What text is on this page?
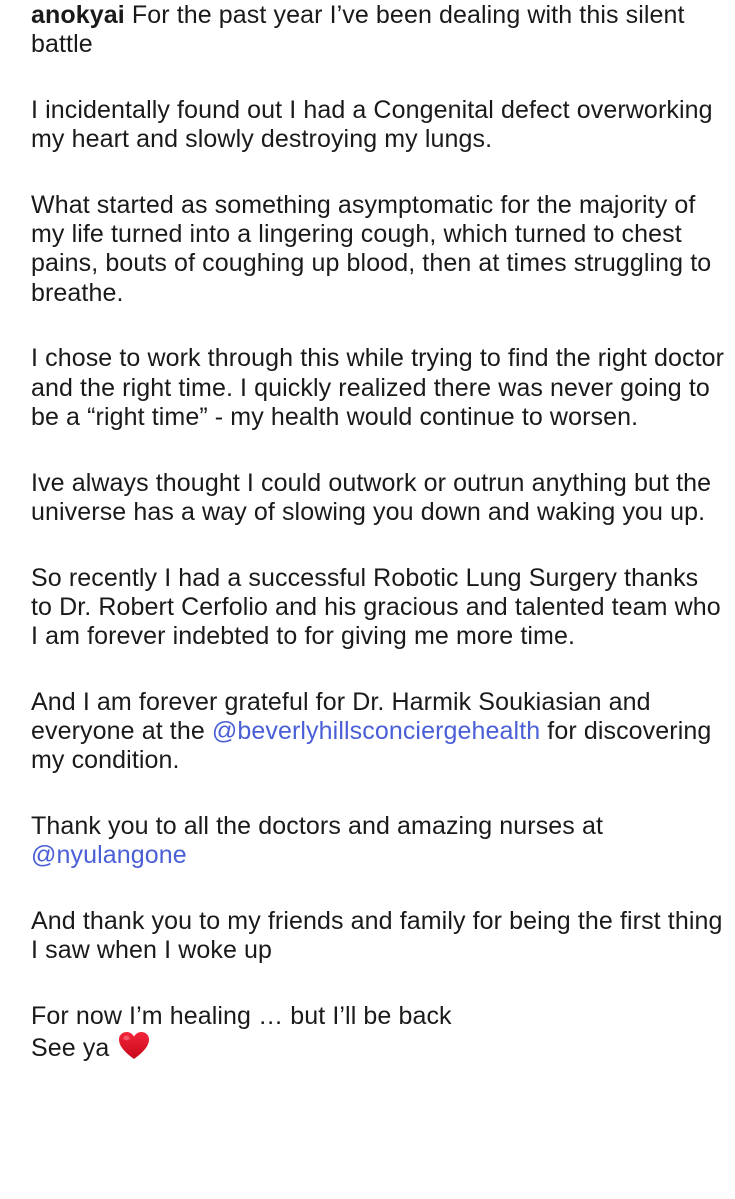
anokyai For the past year I’ve been dealing with this silent battle

I incidentally found out I had a Congenital defect overworking my heart and slowly destroying my lungs.

What started as something asymptomatic for the majority of my life turned into a lingering cough, which turned to chest pains, bouts of coughing up blood, then at times struggling to breathe.

I chose to work through this while trying to find the right doctor and the right time. I quickly realized there was never going to be a “right time” - my health would continue to worsen.

Ive always thought I could outwork or outrun anything but the universe has a way of slowing you down and waking you up.

So recently I had a successful Robotic Lung Surgery thanks to Dr. Robert Cerfolio and his gracious and talented team who I am forever indebted to for giving me more time.

And I am forever grateful for Dr. Harmik Soukiasian and everyone at the @beverlyhillsconciergehealth for discovering my condition.

Thank you to all the doctors and amazing nurses at @nyulangone

And thank you to my friends and family for being the first thing I saw when I woke up

For now I’m healing … but I’ll be back
See ya
